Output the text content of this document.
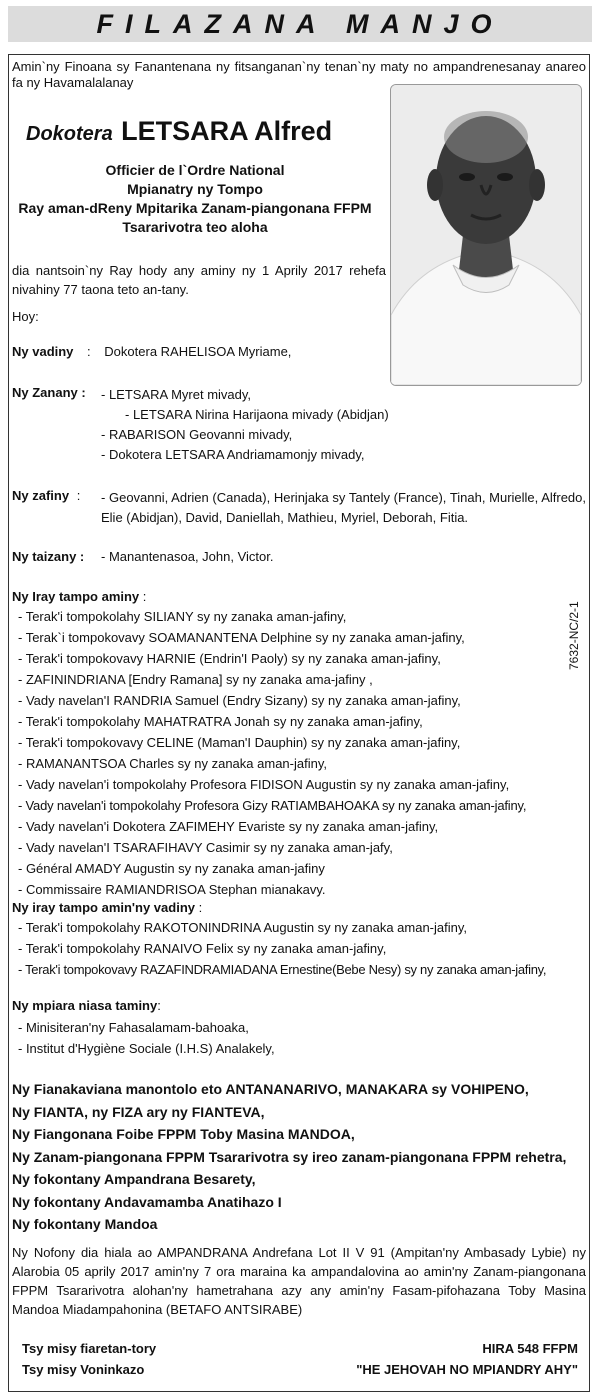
FILAZANA MANJO
Amin`ny Finoana sy Fanantenana ny fitsanganan`ny tenan`ny maty no ampandrenesanay anareo fa ny Havamalalanay
Dokotera LETSARA Alfred
Officier de l`Ordre National
Mpianatry ny Tompo
Ray aman-dReny Mpitarika Zanam-piangonana FFPM
Tsararivotra teo aloha
dia nantsoin`ny Ray hody any aminy ny 1 Aprily 2017 rehefa nivahiny 77 taona teto an-tany.
Hoy:
Ny vadiny : Dokotera RAHELISOA Myriame,
Ny Zanany : - LETSARA Myret mivady,
- LETSARA Nirina Harijaona mivady (Abidjan)
- RABARISON Geovanni mivady,
- Dokotera LETSARA Andriamamonjy mivady,
Ny zafiny : - Geovanni, Adrien (Canada), Herinjaka sy Tantely (France), Tinah, Murielle, Alfredo, Elie (Abidjan), David, Daniellah, Mathieu, Myriel, Deborah, Fitia.
Ny taizany : - Manantenasoa, John, Victor.
Ny Iray tampo aminy :
- Terak'i tompokolahy SILIANY sy ny zanaka aman-jafiny,
- Terak`i tompokovavy SOAMANANTENA Delphine sy ny zanaka aman-jafiny,
- Terak'i tompokovavy HARNIE (Endrin'I Paoly) sy ny zanaka aman-jafiny,
- ZAFININDRIANA [Endry Ramana] sy ny zanaka ama-jafiny ,
- Vady navelan'I RANDRIA Samuel (Endry Sizany) sy ny zanaka aman-jafiny,
- Terak'i tompokolahy MAHATRATRA Jonah sy ny zanaka aman-jafiny,
- Terak'i tompokovavy CELINE (Maman'I Dauphin) sy ny zanaka aman-jafiny,
- RAMANANTSOA Charles sy ny zanaka aman-jafiny,
- Vady navelan'i tompokolahy Profesora FIDISON Augustin sy ny zanaka aman-jafiny,
- Vady navelan'i tompokolahy Profesora Gizy RATIAMBAHOAKA sy ny zanaka aman-jafiny,
- Vady navelan'i Dokotera ZAFIMEHY Evariste sy ny zanaka aman-jafiny,
- Vady navelan'I TSARAFIHAVY Casimir sy ny zanaka aman-jafy,
- Général AMADY Augustin sy ny zanaka aman-jafiny
- Commissaire RAMIANDRISOA Stephan mianakavy.
Ny iray tampo amin'ny vadiny :
- Terak'i tompokolahy RAKOTONINDRINA Augustin sy ny zanaka aman-jafiny,
- Terak'i tompokolahy RANAIVO Felix sy ny zanaka aman-jafiny,
- Terak'i tompokovavy RAZAFINDRAMIADANA Ernestine(Bebe Nesy) sy ny zanaka aman-jafiny,
Ny mpiara niasa taminy:
- Minisiteran'ny Fahasalamam-bahoaka,
- Institut d'Hygiène Sociale (I.H.S) Analakely,
Ny Fianakaviana manontolo eto ANTANANARIVO, MANAKARA sy VOHIPENO,
Ny FIANTA, ny FIZA ary ny FIANTEVA,
Ny Fiangonana Foibe FPPM Toby Masina MANDOA,
Ny Zanam-piangonana FPPM Tsararivotra sy ireo zanam-piangonana FPPM rehetra,
Ny fokontany Ampandrana Besarety,
Ny fokontany Andavamamba Anatihazo I
Ny fokontany Mandoa
Ny Nofony dia hiala ao AMPANDRANA Andrefana Lot II V 91 (Ampitan'ny Ambasady Lybie) ny Alarobia 05 aprily 2017 amin'ny 7 ora maraina ka ampandalovina ao amin'ny Zanam-piangonana FPPM Tsararivotra alohan'ny hametrahana azy any amin'ny Fasam-pifohazana Toby Masina Mandoa Miadampahonina (BETAFO ANTSIRABE)
Tsy misy fiaretan-tory
Tsy misy Voninkazo
HIRA 548 FFPM
"HE JEHOVAH NO MPIANDRY AHY"
7632-NC/2-1
